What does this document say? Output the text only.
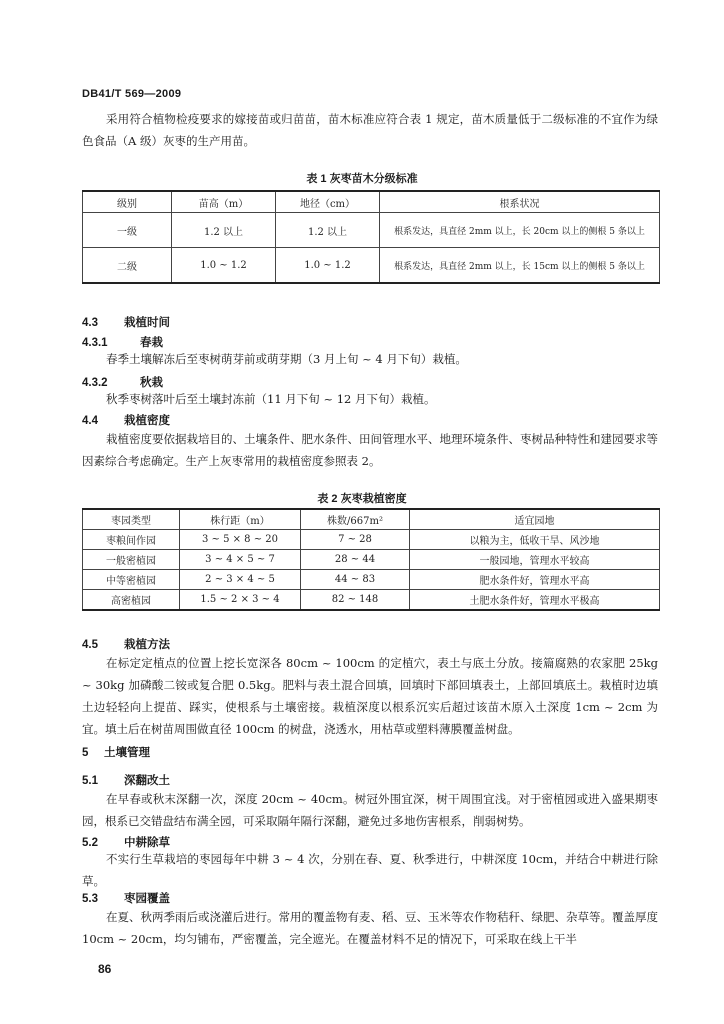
DB41/T 569—2009

采用符合植物检疫要求的嫁接苗或归苗苗，苗木标准应符合表 1 规定，苗木质量低于二级标准的不宜作为绿色食品（A 级）灰枣的生产用苗。

表 1 灰枣苗木分级标准
级别	苗高（m）	地径（cm）	根系状况
一级	1.2 以上	1.2 以上	根系发达，具直径 2mm 以上，长 20cm 以上的侧根 5 条以上
二级	1.0 ~ 1.2	1.0 ~ 1.2	根系发达，具直径 2mm 以上，长 15cm 以上的侧根 5 条以上
4.3 栽植时间
4.3.1	春栽

春季土壤解冻后至枣树萌芽前或萌芽期（3 月上旬 ~ 4 月下旬）栽植。

4.3.2	秋栽

秋季枣树落叶后至土壤封冻前（11 月下旬 ~ 12 月下旬）栽植。

4.4 栽植密度

栽植密度要依据栽培目的、土壤条件、肥水条件、田间管理水平、地理环境条件、枣树品种特性和建园要求等因素综合考虑确定。生产上灰枣常用的栽植密度参照表 2。

表 2 灰枣栽植密度
枣园类型	株行距（m）	株数/667m²	适宜园地
枣粮间作园	3 ~ 5 × 8 ~ 20	7 ~ 28	以粮为主，低收干旱、风沙地
一般密植园	3 ~ 4 × 5 ~ 7	28 ~ 44	一般园地，管理水平较高
中等密植园	2 ~ 3 × 4 ~ 5	44 ~ 83	肥水条件好，管理水平高
高密植园	1.5 ~ 2 × 3 ~ 4	82 ~ 148	土肥水条件好，管理水平极高
4.5 栽植方法

在标定定植点的位置上挖长宽深各 80cm ~ 100cm 的定植穴，表土与底土分放。接篇腐熟的农家肥 25kg ~ 30kg 加磷酸二铵或复合肥 0.5kg。肥料与表土混合回填，回填时下部回填表土，上部回填底土。栽植时边填土边轻轻向上提苗、踩实，使根系与土壤密接。栽植深度以根系沉实后超过该苗木原入土深度 1cm ~ 2cm 为宜。填土后在树苗周围做直径 100cm 的树盘，浇透水，用枯草或塑料薄膜覆盖树盘。

5 土壤管理
5.1 深翻改土

在早春或秋末深翻一次，深度 20cm ~ 40cm。树冠外围宜深，树干周围宜浅。对于密植园或进入盛果期枣园，根系已交错盘结布满全园，可采取隔年隔行深翻，避免过多地伤害根系，削弱树势。

5.2 中耕除草

不实行生草栽培的枣园每年中耕 3 ~ 4 次，分别在春、夏、秋季进行，中耕深度 10cm，并结合中耕进行除草。

5.3 枣园覆盖

在夏、秋两季雨后或浇灌后进行。常用的覆盖物有麦、稻、豆、玉米等农作物秸秆、绿肥、杂草等。覆盖厚度 10cm ~ 20cm，均匀铺布，严密覆盖，完全遮光。在覆盖材料不足的情况下，可采取在线上干半

86
